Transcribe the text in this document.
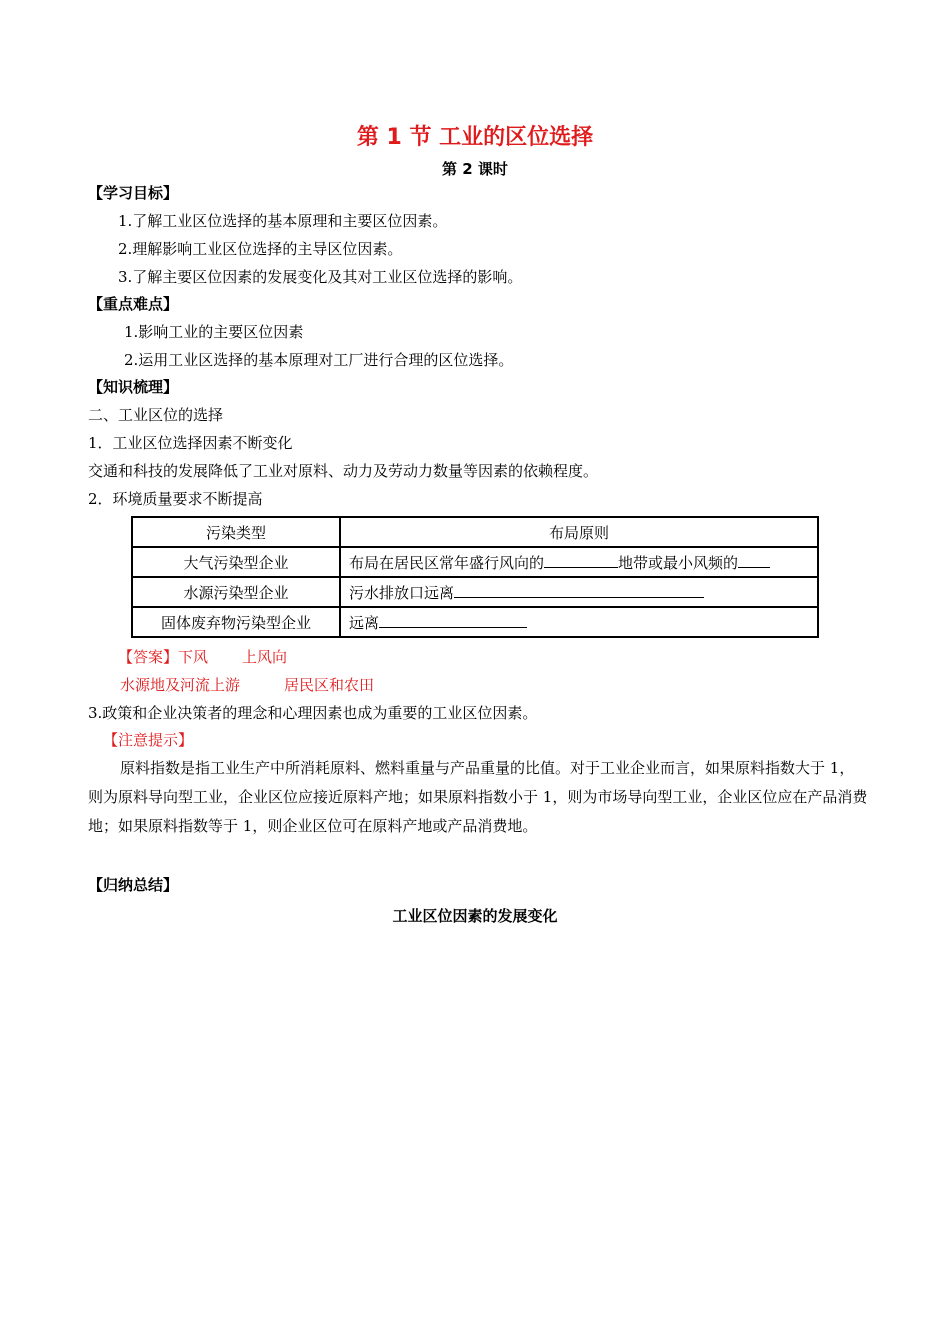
第 1 节 工业的区位选择
第 2 课时
【学习目标】
1.了解工业区位选择的基本原理和主要区位因素。
2.理解影响工业区位选择的主导区位因素。
3.了解主要区位因素的发展变化及其对工业区位选择的影响。
【重点难点】
1.影响工业的主要区位因素
2.运用工业区选择的基本原理对工厂进行合理的区位选择。
【知识梳理】
二、工业区位的选择
1．工业区位选择因素不断变化
交通和科技的发展降低了工业对原料、动力及劳动力数量等因素的依赖程度。
2．环境质量要求不断提高
污染类型	布局原则
大气污染型企业	布局在居民区常年盛行风向的 地带或最小风频的
水源污染型企业	污水排放口远离
固体废弃物污染型企业	远离
【答案】下风 上风向
水源地及河流上游	居民区和农田
3.政策和企业决策者的理念和心理因素也成为重要的工业区位因素。
【注意提示】
原料指数是指工业生产中所消耗原料、燃料重量与产品重量的比值。对于工业企业而言，如果原料指数大于 1，则为原料导向型工业，企业区位应接近原料产地；如果原料指数小于 1，则为市场导向型工业，企业区位应在产品消费地；如果原料指数等于 1，则企业区位可在原料产地或产品消费地。
【归纳总结】
工业区位因素的发展变化
